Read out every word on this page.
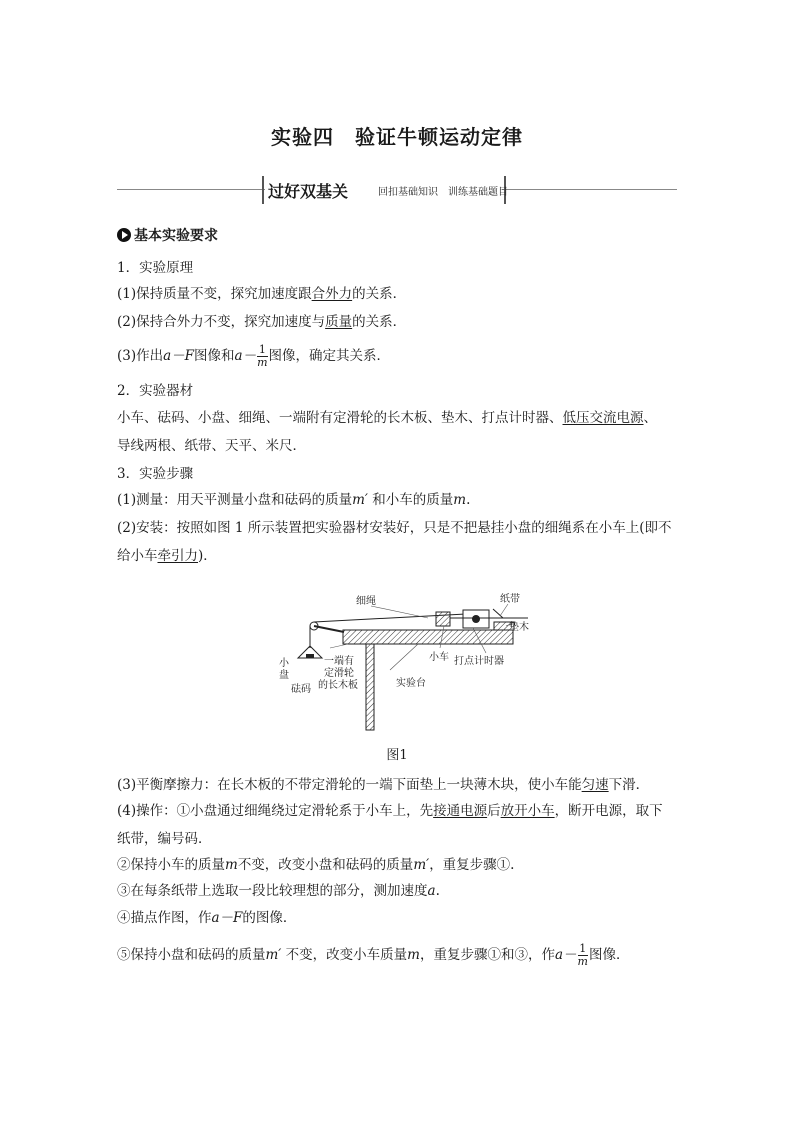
实验四　验证牛顿运动定律
过好双基关	回扣基础知识　训练基础题目
基本实验要求
1．实验原理
(1)保持质量不变，探究加速度跟合外力的关系．
(2)保持合外力不变，探究加速度与质量的关系．
(3)作出a－F图像和$a- \frac{1}{m}$ 图像，确定其关系．
2．实验器材
小车、砝码、小盘、细绳、一端附有定滑轮的长木板、垫木、打点计时器、低压交流电源、
导线两根、纸带、天平、米尺．
3．实验步骤
(1)测量：用天平测量小盘和砝码的质量m′ 和小车的质量m.
(2)安装：按照如图 1 所示装置把实验器材安装好，只是不把悬挂小盘的细绳系在小车上(即不
给小车牵引力)．
细绳	纸带
垫木
小车 打点计时器
小
盘
砝码
一端有
定滑轮
的长木板	实验台
图1
(3)平衡摩擦力：在长木板的不带定滑轮的一端下面垫上一块薄木块，使小车能匀速下滑．
(4)操作：①小盘通过细绳绕过定滑轮系于小车上，先接通电源后放开小车，断开电源，取下
纸带，编号码．
②保持小车的质量m不变，改变小盘和砝码的质量m′，重复步骤①.
③在每条纸带上选取一段比较理想的部分，测加速度a.
④描点作图，作a－F的图像．
⑤保持小盘和砝码的质量m′ 不变，改变小车质量m，重复步骤①和③，作$a- \frac{1}{m}$ 图像．
